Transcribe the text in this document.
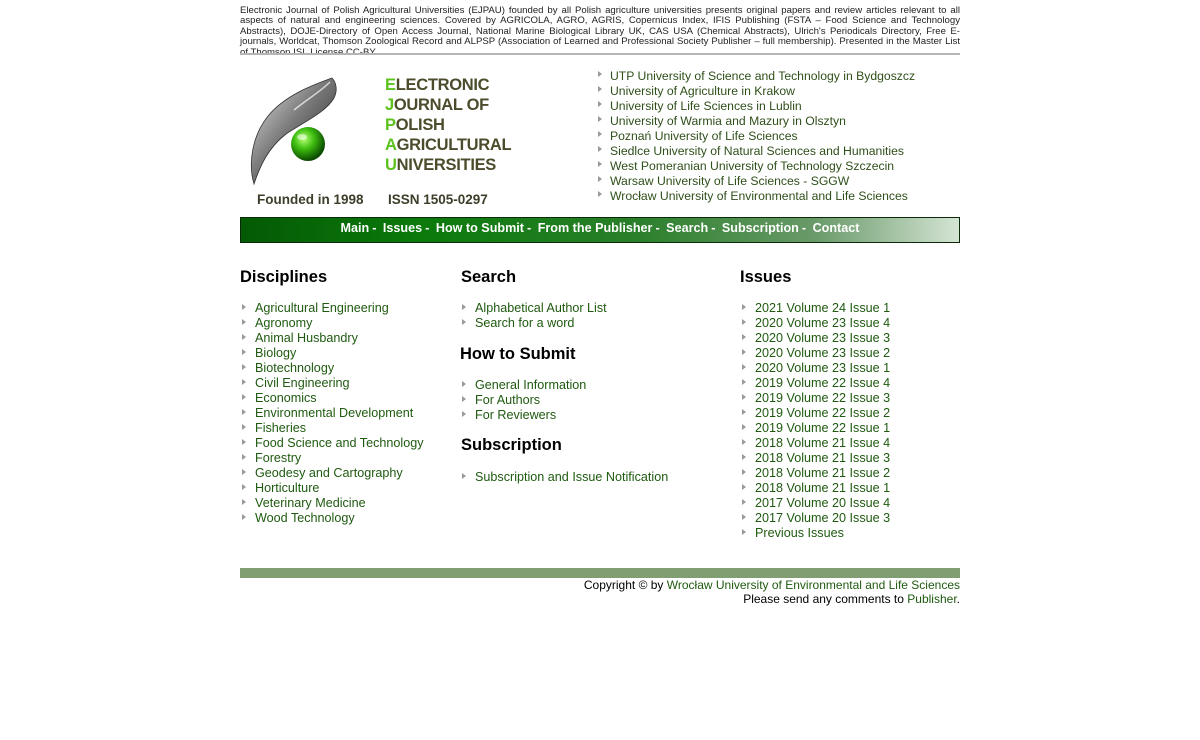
Electronic Journal of Polish Agricultural Universities (EJPAU) founded by all Polish agriculture universities presents original papers and review articles relevant to all aspects of natural and engineering sciences. Covered by AGRICOLA, AGRO, AGRIS, Copernicus Index, IFIS Publishing (FSTA – Food Science and Technology Abstracts), DOJE-Directory of Open Access Journal, National Marine Biological Library UK, CAS USA (Chemical Abstracts), Ulrich's Periodicals Directory, Free E-journals, Worldcat, Thomson Zoological Record and ALPSP (Association of Learned and Professional Society Publisher – full membership). Presented in the Master List
ELECTRONIC
JOURNAL OF
POLISH
AGRICULTURAL
UNIVERSITIES
Founded in 1998 ISSN 1505-0297
UTP University of Science and Technology in Bydgoszcz
University of Agriculture in Krakow
University of Life Sciences in Lublin
University of Warmia and Mazury in Olsztyn
Poznań University of Life Sciences
Siedlce University of Natural Sciences and Humanities
West Pomeranian University of Technology Szczecin
Warsaw University of Life Sciences - SGGW
Wrocław University of Environmental and Life Sciences
Main - Issues - How to Submit - From the Publisher - Search - Subscription - Contact
Disciplines
Agricultural Engineering
Agronomy
Animal Husbandry
Biology
Biotechnology
Civil Engineering
Economics
Environmental Development
Fisheries
Food Science and Technology
Forestry
Geodesy and Cartography
Horticulture
Veterinary Medicine
Wood Technology
Search
Alphabetical Author List
Search for a word
How to Submit
General Information
For Authors
For Reviewers
Subscription
Subscription and Issue Notification
Issues
2021 Volume 24 Issue 1
2020 Volume 23 Issue 4
2020 Volume 23 Issue 3
2020 Volume 23 Issue 2
2020 Volume 23 Issue 1
2019 Volume 22 Issue 4
2019 Volume 22 Issue 3
2019 Volume 22 Issue 2
2019 Volume 22 Issue 1
2018 Volume 21 Issue 4
2018 Volume 21 Issue 3
2018 Volume 21 Issue 2
2018 Volume 21 Issue 1
2017 Volume 20 Issue 4
2017 Volume 20 Issue 3
Previous Issues
Copyright © by Wrocław University of Environmental and Life Sciences
Please send any comments to Publisher.
